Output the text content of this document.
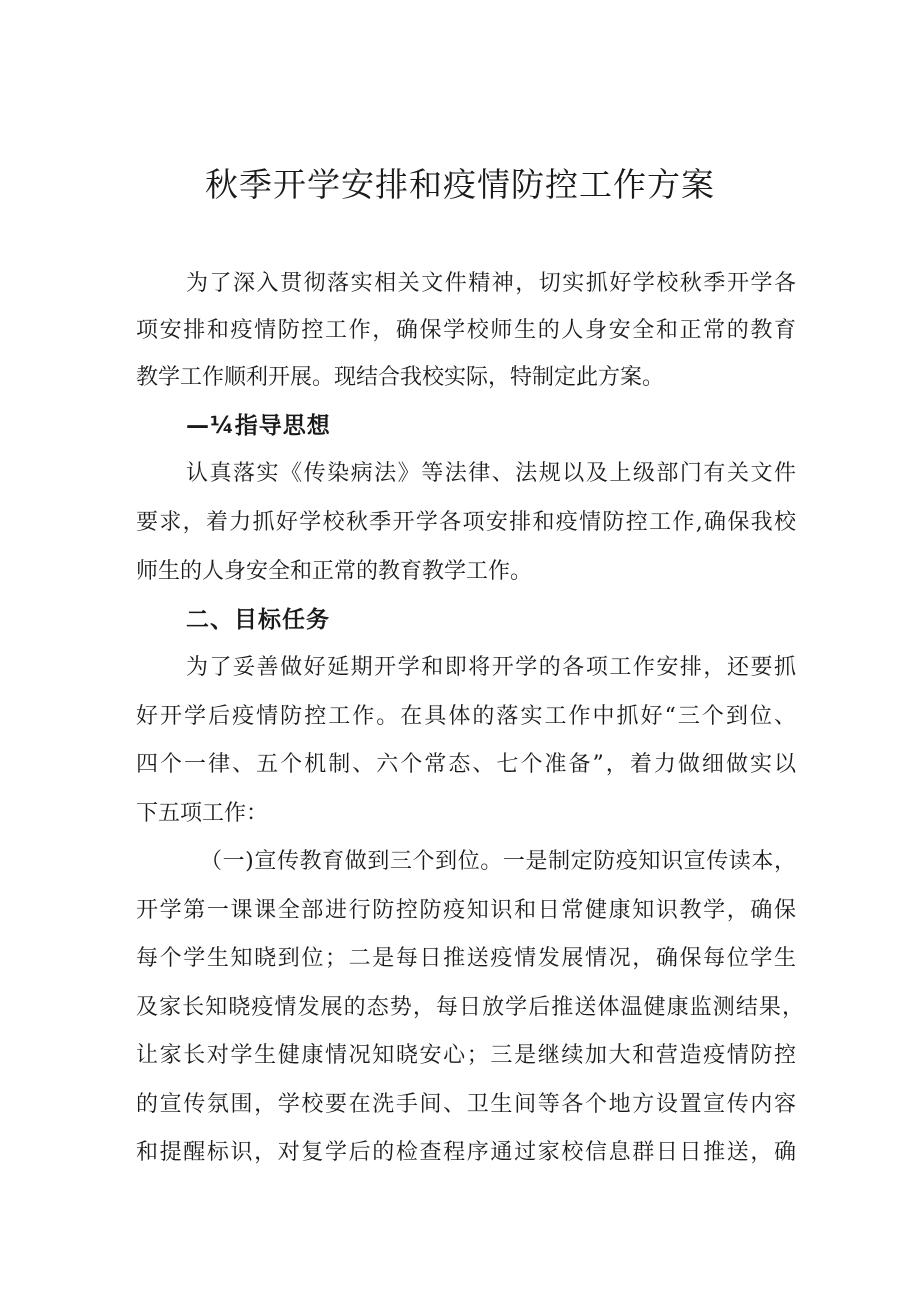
秋季开学安排和疫情防控工作方案

为了深入贯彻落实相关文件精神，切实抓好学校秋季开学各

项安排和疫情防控工作，确保学校师生的人身安全和正常的教育

教学工作顺利开展。现结合我校实际，特制定此方案。

—¼指导思想

认真落实《传染病法》等法律、法规以及上级部门有关文件

要求，着力抓好学校秋季开学各项安排和疫情防控工作,确保我校

师生的人身安全和正常的教育教学工作。

二、目标任务

为了妥善做好延期开学和即将开学的各项工作安排，还要抓

好开学后疫情防控工作。在具体的落实工作中抓好“三个到位、

四个一律、五个机制、六个常态、七个准备”，着力做细做实以

下五项工作：

（一)宣传教育做到三个到位。一是制定防疫知识宣传读本，

开学第一课课全部进行防控防疫知识和日常健康知识教学，确保

每个学生知晓到位；二是每日推送疫情发展情况，确保每位学生

及家长知晓疫情发展的态势，每日放学后推送体温健康监测结果，

让家长对学生健康情况知晓安心；三是继续加大和营造疫情防控

的宣传氛围，学校要在洗手间、卫生间等各个地方设置宣传内容

和提醒标识，对复学后的检查程序通过家校信息群日日推送，确
